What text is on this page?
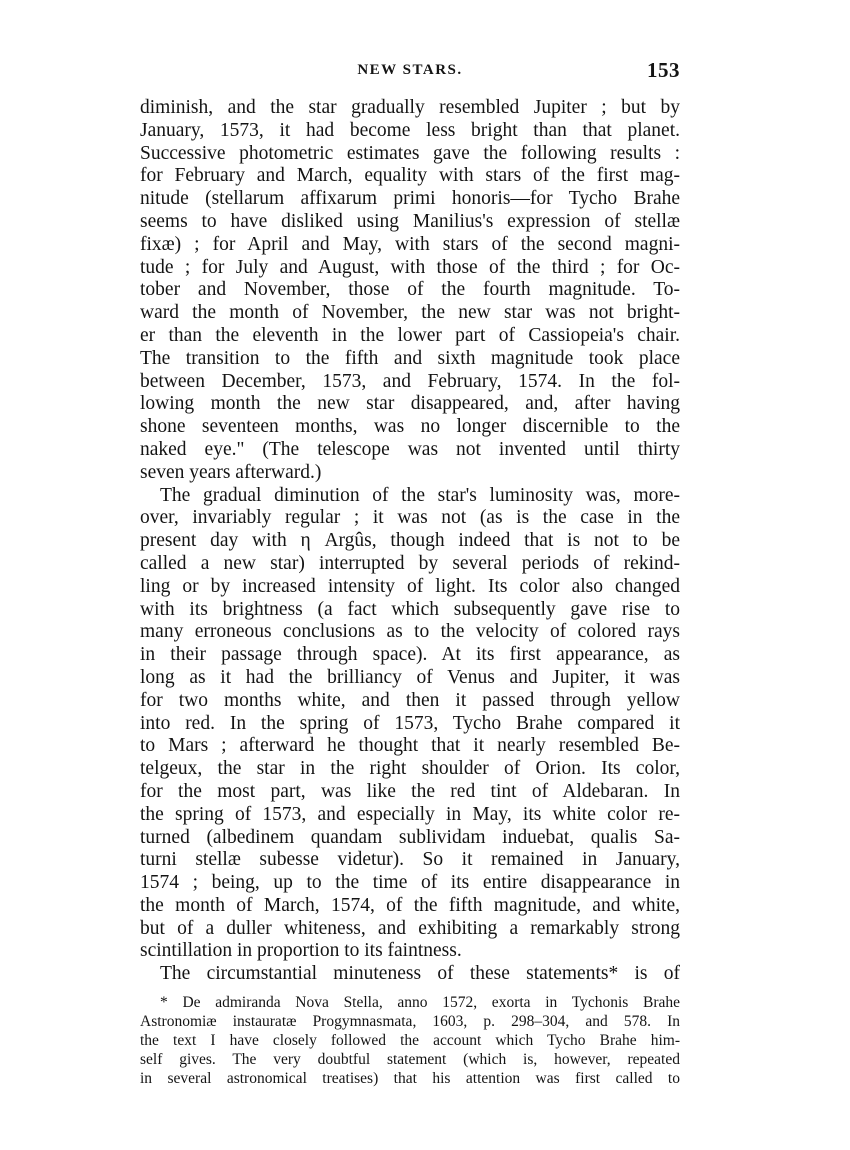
NEW STARS.	153
diminish, and the star gradually resembled Jupiter ; but by
January, 1573, it had become less bright than that planet.
Successive photometric estimates gave the following results :
for February and March, equality with stars of the first mag-
nitude (stellarum affixarum primi honoris—for Tycho Brahe
seems to have disliked using Manilius's expression of stellæ
fixæ) ; for April and May, with stars of the second magni-
tude ; for July and August, with those of the third ; for Oc-
tober and November, those of the fourth magnitude. To-
ward the month of November, the new star was not bright-
er than the eleventh in the lower part of Cassiopeia's chair.
The transition to the fifth and sixth magnitude took place
between December, 1573, and February, 1574. In the fol-
lowing month the new star disappeared, and, after having
shone seventeen months, was no longer discernible to the
naked eye." (The telescope was not invented until thirty
seven years afterward.)
The gradual diminution of the star's luminosity was, more-
over, invariably regular ; it was not (as is the case in the
present day with η Argûs, though indeed that is not to be
called a new star) interrupted by several periods of rekind-
ling or by increased intensity of light. Its color also changed
with its brightness (a fact which subsequently gave rise to
many erroneous conclusions as to the velocity of colored rays
in their passage through space). At its first appearance, as
long as it had the brilliancy of Venus and Jupiter, it was
for two months white, and then it passed through yellow
into red. In the spring of 1573, Tycho Brahe compared it
to Mars ; afterward he thought that it nearly resembled Be-
telgeux, the star in the right shoulder of Orion. Its color,
for the most part, was like the red tint of Aldebaran. In
the spring of 1573, and especially in May, its white color re-
turned (albedinem quandam sublividam induebat, qualis Sa-
turni stellæ subesse videtur). So it remained in January,
1574 ; being, up to the time of its entire disappearance in
the month of March, 1574, of the fifth magnitude, and white,
but of a duller whiteness, and exhibiting a remarkably strong
scintillation in proportion to its faintness.
The circumstantial minuteness of these statements* is of
* De admiranda Nova Stella, anno 1572, exorta in Tychonis Brahe
Astronomiæ instauratæ Progymnasmata, 1603, p. 298–304, and 578. In
the text I have closely followed the account which Tycho Brahe him-
self gives. The very doubtful statement (which is, however, repeated
in several astronomical treatises) that his attention was first called to
